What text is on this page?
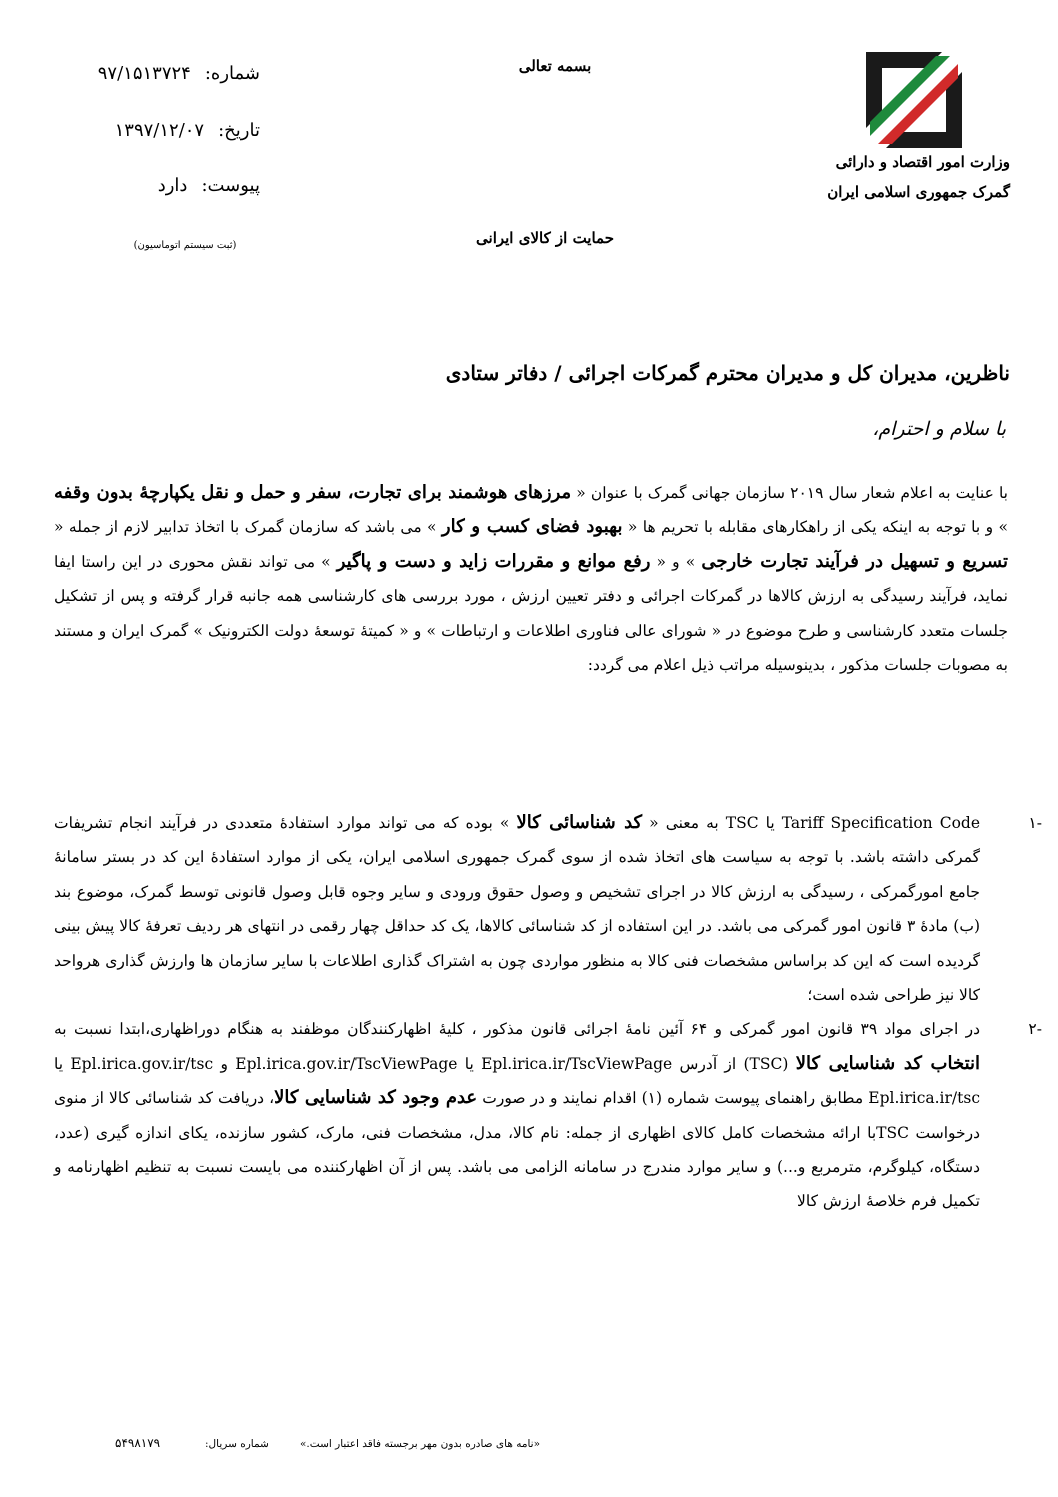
وزارت امور اقتصاد و دارائی
گمرک جمهوری اسلامی ایران
بسمه تعالی
حمایت از کالای ایرانی
شماره:
۹۷/۱۵۱۳۷۲۴
تاریخ:
۱۳۹۷/۱۲/۰۷
پیوست:
دارد
(ثبت سیستم اتوماسیون)
ناظرین، مدیران کل و مدیران محترم گمرکات اجرائی / دفاتر ستادی
با سلام و احترام،
با عنایت به اعلام شعار سال ۲۰۱۹ سازمان جهانی گمرک با عنوان « مرزهای هوشمند برای تجارت، سفر و حمل و نقل یکپارچهٔ بدون وقفه » و با توجه به اینکه یکی از راهکارهای مقابله با تحریم ها « بهبود فضای کسب و کار » می باشد که سازمان گمرک با اتخاذ تدابیر لازم از جمله « تسریع و تسهیل در فرآیند تجارت خارجی » و « رفع موانع و مقررات زاید و دست و پاگیر » می تواند نقش محوری در این راستا ایفا نماید، فرآیند رسیدگی به ارزش کالاها در گمرکات اجرائی و دفتر تعیین ارزش ، مورد بررسی های کارشناسی همه جانبه قرار گرفته و پس از تشکیل جلسات متعدد کارشناسی و طرح موضوع در « شورای عالی فناوری اطلاعات و ارتباطات » و « کمیتهٔ توسعهٔ دولت الکترونیک » گمرک ایران و مستند به مصوبات جلسات مذکور ، بدینوسیله مراتب ذیل اعلام می گردد:
-۱
Tariff Specification Code یا TSC به معنی « کد شناسائی کالا » بوده که می تواند موارد استفادهٔ متعددی در فرآیند انجام تشریفات گمرکی داشته باشد. با توجه به سیاست های اتخاذ شده از سوی گمرک جمهوری اسلامی ایران، یکی از موارد استفادهٔ این کد در بستر سامانهٔ جامع امورگمرکی ، رسیدگی به ارزش کالا در اجرای تشخیص و وصول حقوق ورودی و سایر وجوه قابل وصول قانونی توسط گمرک، موضوع بند (ب) مادهٔ ۳ قانون امور گمرکی می باشد. در این استفاده از کد شناسائی کالاها، یک کد حداقل چهار رقمی در انتهای هر ردیف تعرفهٔ کالا پیش بینی گردیده است که این کد براساس مشخصات فنی کالا به منظور مواردی چون به اشتراک گذاری اطلاعات با سایر سازمان ها وارزش گذاری هرواحد کالا نیز طراحی شده است؛
-۲
در اجرای مواد ۳۹ قانون امور گمرکی و ۶۴ آئین نامهٔ اجرائی قانون مذکور ، کلیهٔ اظهارکنندگان موظفند به هنگام دوراظهاری،ابتدا نسبت به انتخاب کد شناسایی کالا (TSC) از آدرس Epl.irica.ir/TscViewPage یا Epl.irica.gov.ir/TscViewPage و Epl.irica.gov.ir/tsc یا Epl.irica.ir/tsc مطابق راهنمای پیوست شماره (۱) اقدام نمایند و در صورت عدم وجود کد شناسایی کالا، دریافت کد شناسائی کالا از منوی درخواست TSCبا ارائه مشخصات کامل کالای اظهاری از جمله: نام کالا، مدل، مشخصات فنی، مارک، کشور سازنده، یکای اندازه گیری (عدد، دستگاه، کیلوگرم، مترمربع و...) و سایر موارد مندرج در سامانه الزامی می باشد. پس از آن اظهارکننده می بایست نسبت به تنظیم اظهارنامه و تکمیل فرم خلاصهٔ ارزش کالا
«نامه های صادره بدون مهر برجسته فاقد اعتبار است.»
شماره سریال:
۵۴۹۸۱۷۹
